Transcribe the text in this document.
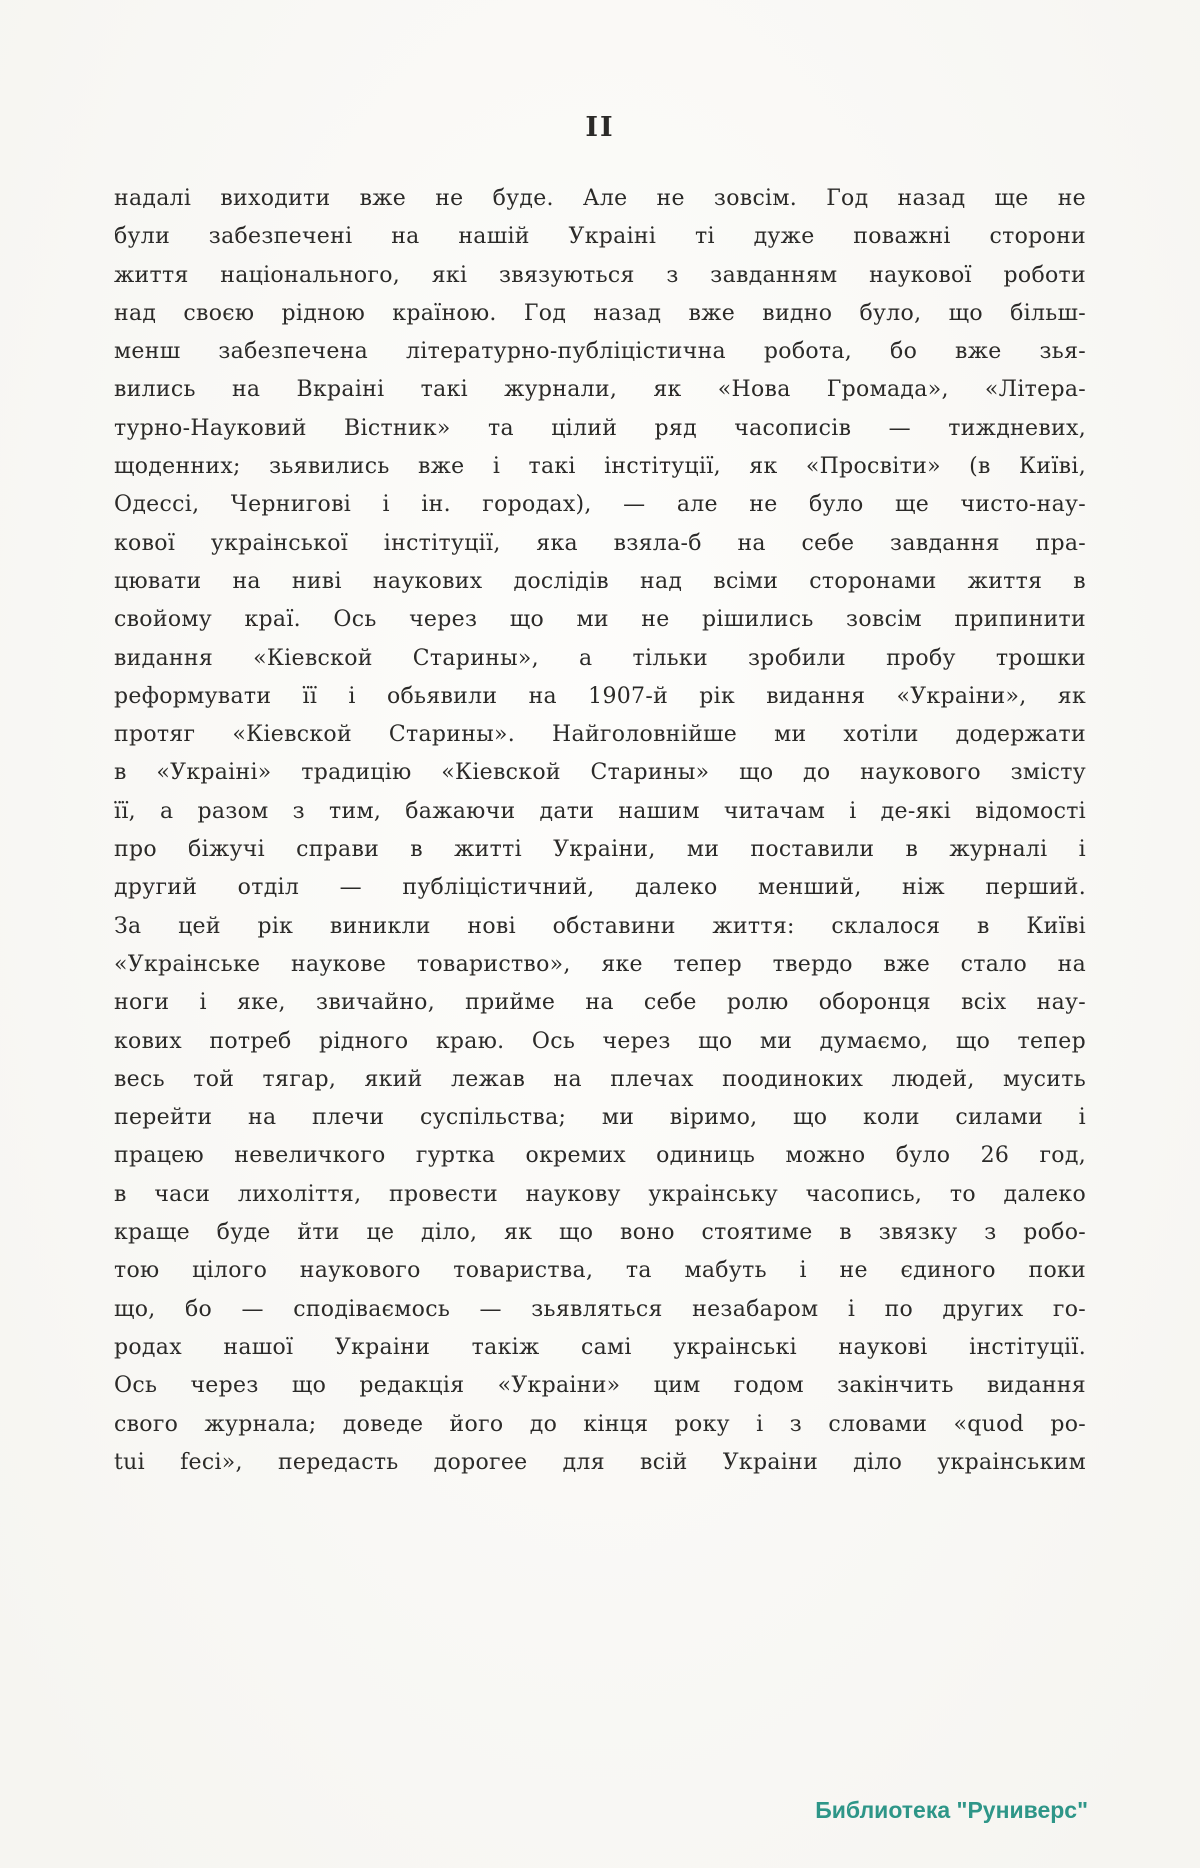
II
надалі виходити вже не буде. Але не зовсім. Год назад ще не
були забезпечені на нашій Украіні ті дуже поважні сторони
життя національного, які звязуються з завданням наукової роботи
над своєю рідною країною. Год назад вже видно було, що більш-
менш забезпечена літературно-публіцістична робота, бо вже зья-
вились на Вкраіні такі журнали, як «Нова Громада», «Літера-
турно-Науковий Вістник» та цілий ряд часописів — тиждневих,
щоденних; зьявились вже і такі інстітуції, як «Просвіти» (в Київі,
Одессі, Чернигові і ін. городах), — але не було ще чисто-нау-
кової украінської інстітуції, яка взяла-б на себе завдання пра-
цювати на ниві наукових дослідів над всіми сторонами життя в
свойому краї. Ось через що ми не рішились зовсім припинити
видання «Кіевской Старины», а тільки зробили пробу трошки
реформувати її і обьявили на 1907-й рік видання «Украіни», як
протяг «Кіевской Старины». Найголовнійше ми хотіли додержати
в «Украіні» традицію «Кіевской Старины» що до наукового змісту
її, а разом з тим, бажаючи дати нашим читачам і де-які відомості
про біжучі справи в житті Украіни, ми поставили в журналі і
другий отділ — публіцістичний, далеко менший, ніж перший.
За цей рік виникли нові обставини життя: склалося в Київі
«Украінське наукове товариство», яке тепер твердо вже стало на
ноги і яке, звичайно, прийме на себе ролю оборонця всіх нау-
кових потреб рідного краю. Ось через що ми думаємо, що тепер
весь той тягар, який лежав на плечах поодиноких людей, мусить
перейти на плечи суспільства; ми віримо, що коли силами і
працею невеличкого гуртка окремих одиниць можно було 26 год,
в часи лихоліття, провести наукову украінську часопись, то далеко
краще буде йти це діло, як що воно стоятиме в звязку з робо-
тою цілого наукового товариства, та мабуть і не єдиного поки
що, бо — сподіваємось — зьявляться незабаром і по других го-
родах нашої Украіни такіж самі украінські наукові інстітуції.
Ось через що редакція «Украіни» цим годом закінчить видання
свого журнала; доведе його до кінця року і з словами «quod po-
tui feci», передасть дорогее для всій Украіни діло украінським
Библиотека "Руниверс"
